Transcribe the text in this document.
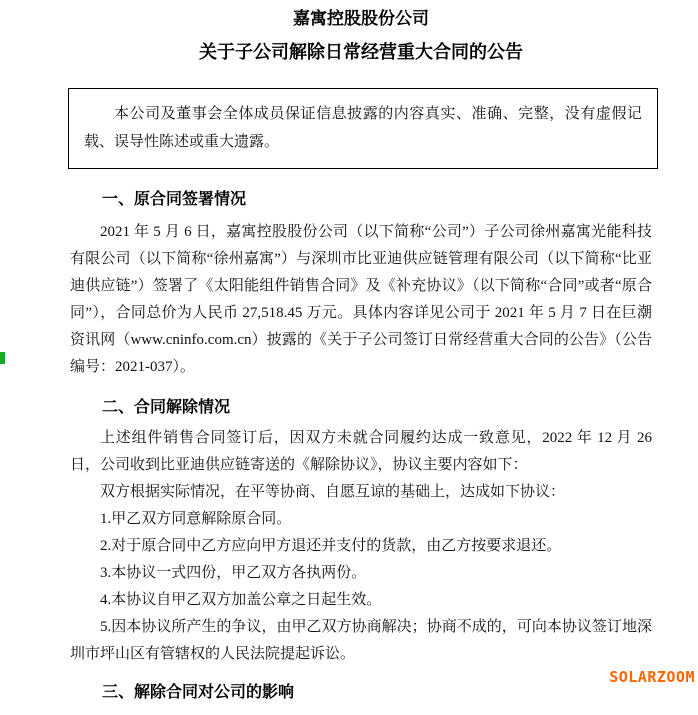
嘉寓控股股份公司
关于子公司解除日常经营重大合同的公告

本公司及董事会全体成员保证信息披露的内容真实、准确、完整，没有虚假记载、误导性陈述或重大遗露。

一、原合同签署情况

2021 年 5 月 6 日，嘉寓控股股份公司（以下简称“公司”）子公司徐州嘉寓光能科技有限公司（以下简称“徐州嘉寓”）与深圳市比亚迪供应链管理有限公司（以下简称“比亚迪供应链”）签署了《太阳能组件销售合同》及《补充协议》（以下简称“合同”或者“原合同”），合同总价为人民币 27,518.45 万元。具体内容详见公司于 2021 年 5 月 7 日在巨潮资讯网（www.cninfo.com.cn）披露的《关于子公司签订日常经营重大合同的公告》（公告编号：2021-037）。

二、合同解除情况

上述组件销售合同签订后，因双方未就合同履约达成一致意见，2022 年 12 月 26 日，公司收到比亚迪供应链寄送的《解除协议》，协议主要内容如下：

双方根据实际情况，在平等协商、自愿互谅的基础上，达成如下协议：

1.甲乙双方同意解除原合同。

2.对于原合同中乙方应向甲方退还并支付的货款，由乙方按要求退还。

3.本协议一式四份，甲乙双方各执两份。

4.本协议自甲乙双方加盖公章之日起生效。

5.因本协议所产生的争议，由甲乙双方协商解决；协商不成的，可向本协议签订地深圳市坪山区有管辖权的人民法院提起诉讼。

三、解除合同对公司的影响
SOLARZOOM
